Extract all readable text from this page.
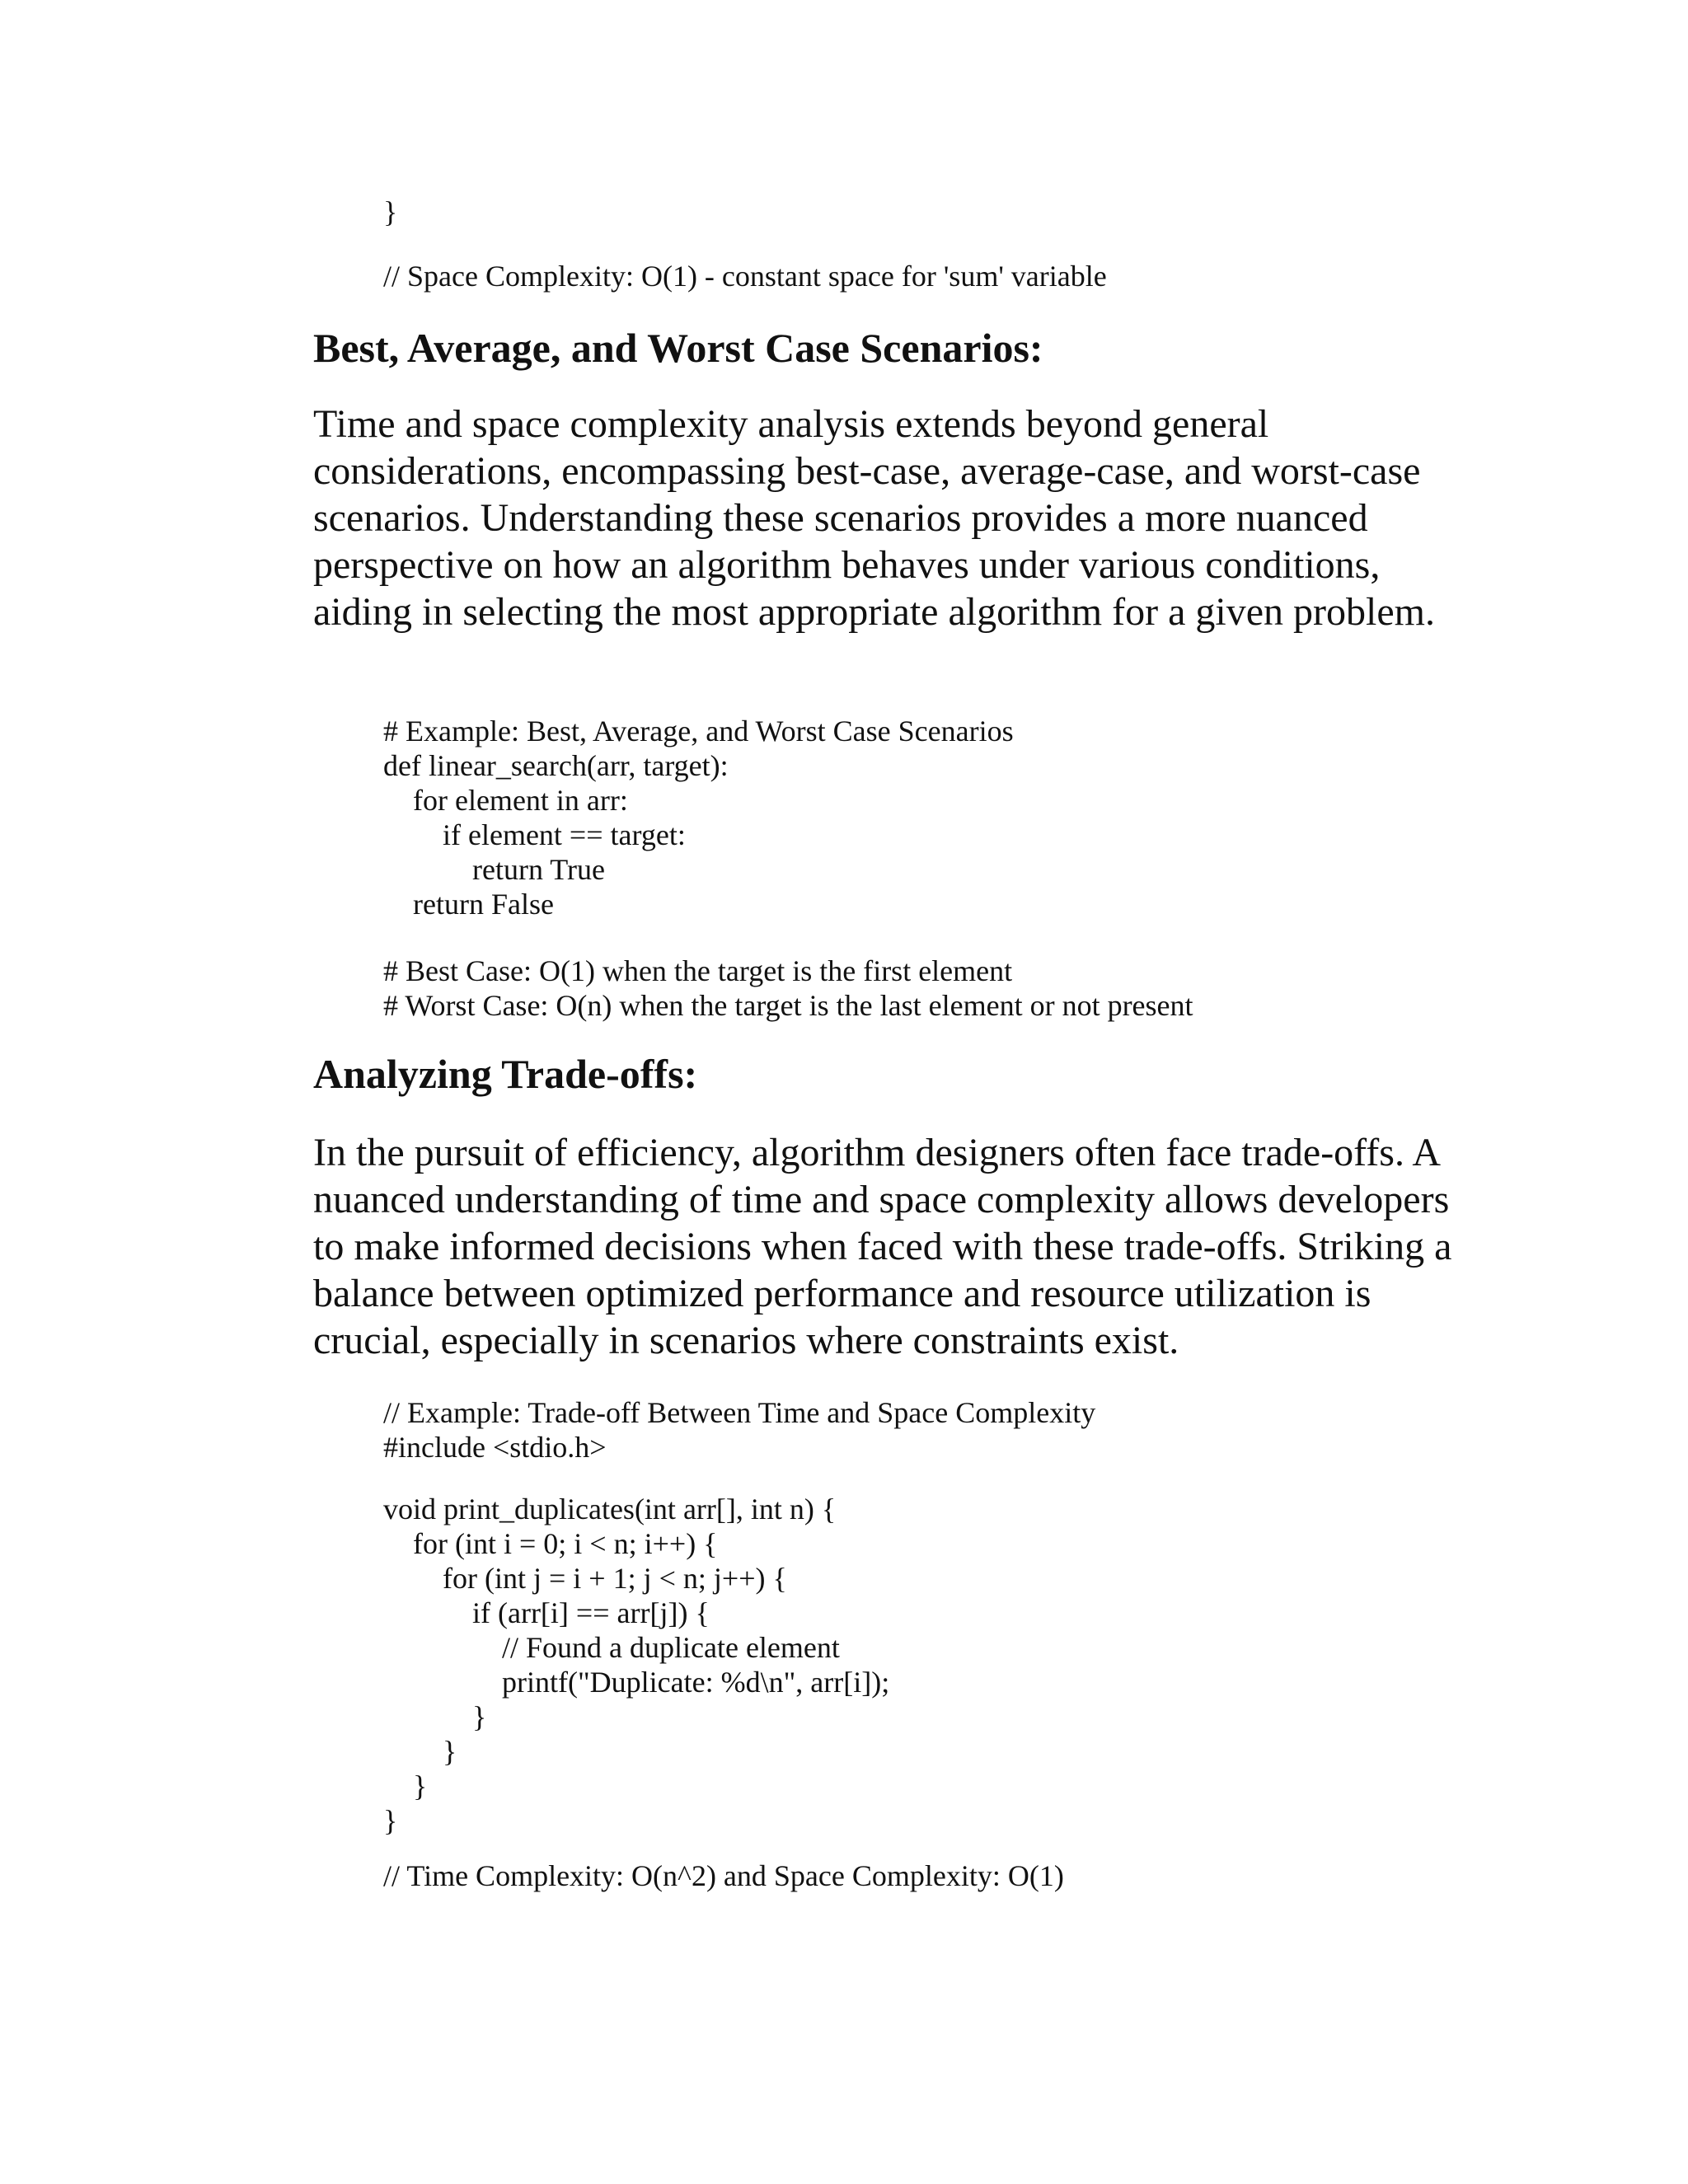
}
// Space Complexity: O(1) - constant space for 'sum' variable
Best, Average, and Worst Case Scenarios:

Time and space complexity analysis extends beyond general considerations, encompassing best-case, average-case, and worst-case scenarios. Understanding these scenarios provides a more nuanced perspective on how an algorithm behaves under various conditions, aiding in selecting the most appropriate algorithm for a given problem.

# Example: Best, Average, and Worst Case Scenarios
def linear_search(arr, target):
for element in arr:
if element == target:
return True
return False
# Best Case: O(1) when the target is the first element
# Worst Case: O(n) when the target is the last element or not present
Analyzing Trade-offs:

In the pursuit of efficiency, algorithm designers often face trade-offs. A nuanced understanding of time and space complexity allows developers to make informed decisions when faced with these trade-offs. Striking a balance between optimized performance and resource utilization is crucial, especially in scenarios where constraints exist.

// Example: Trade-off Between Time and Space Complexity
#include <stdio.h>
void print_duplicates(int arr[], int n) {
for (int i = 0; i < n; i++) {
for (int j = i + 1; j < n; j++) {
if (arr[i] == arr[j]) {
// Found a duplicate element
printf("Duplicate: %d\n", arr[i]);
}
}
}
}
// Time Complexity: O(n^2) and Space Complexity: O(1)
